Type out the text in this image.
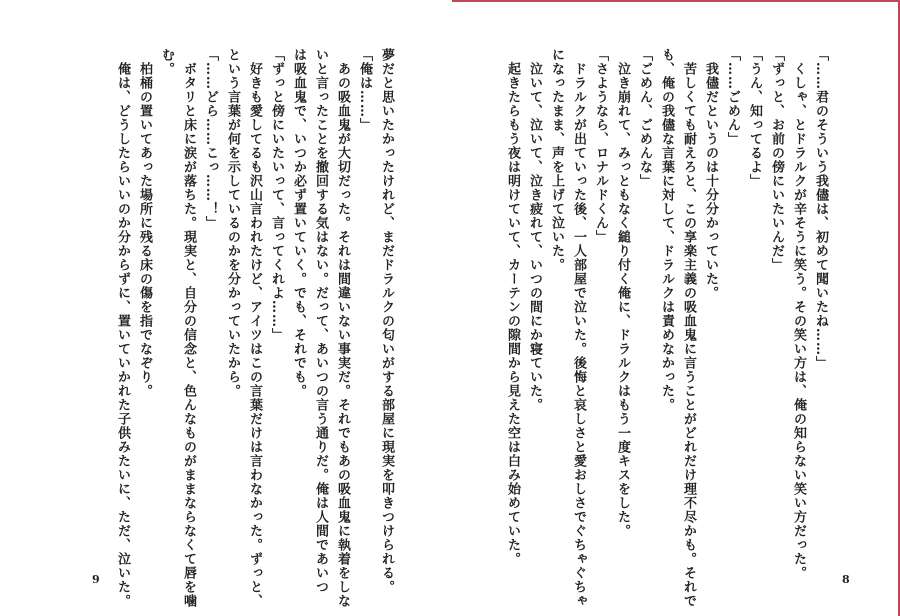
夢だと思いたかったけれど、まだドラルクの匂いがする部屋に現実を叩きつけられる。
「俺は……」
あの吸血鬼が大切だった。それは間違いない事実だ。それでもあの吸血鬼に執着をしな
いと言ったことを撤回する気はない。だって、あいつの言う通りだ。俺は人間であいつ
は吸血鬼で、いつか必ず置いていく。でも、それでも。
「ずっと傍にいたいって、言ってくれよ……」
好きも愛してるも沢山言われたけど、アイツはこの言葉だけは言わなかった。ずっと、
という言葉が何を示しているのかを分かっていたから。
「……どら……こっ……！」
ボタリと床に涙が落ちた。現実と、自分の信念と、色んなものがままならなくて唇を噛
む。
柏桶の置いてあった場所に残る床の傷を指でなぞり。
俺は、どうしたらいいのか分からずに、置いていかれた子供みたいに、ただ、泣いた。
9
「……君のそういう我儘は、初めて聞いたね……」
くしゃ、とドラルクが辛そうに笑う。その笑い方は、俺の知らない笑い方だった。
「ずっと、お前の傍にいたいんだ」
「うん、知ってるよ」
「……ごめん」
我儘だというのは十分分かっていた。
苦しくても耐えろと、この享楽主義の吸血鬼に言うことがどれだけ理不尽かも。それで
も、俺の我儘な言葉に対して、ドラルクは責めなかった。
「ごめん、ごめんな」
泣き崩れて、みっともなく縋り付く俺に、ドラルクはもう一度キスをした。
「さようなら、ロナルドくん」
ドラルクが出ていった後、一人部屋で泣いた。後悔と哀しさと愛おしさでぐちゃぐちゃ
になったまま、声を上げて泣いた。
泣いて、泣いて、泣き疲れて、いつの間にか寝ていた。
起きたらもう夜は明けていて、カーテンの隙間から見えた空は白み始めていた。
8
